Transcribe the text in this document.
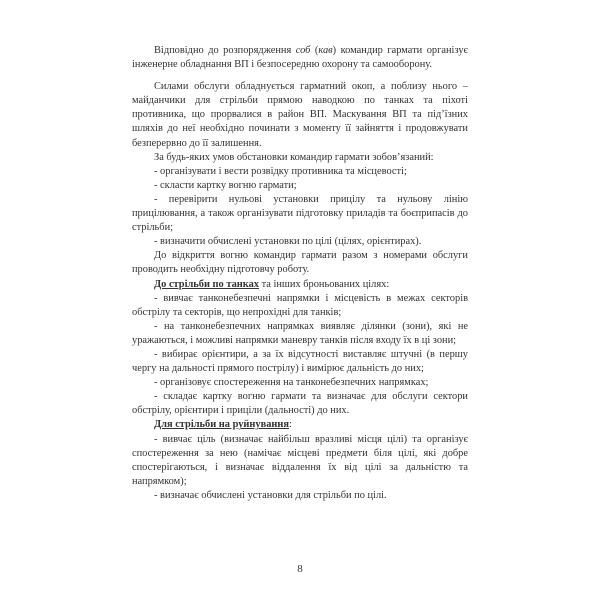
Відповідно до розпорядження соб (кав) командир гармати організує інженерне обладнання ВП і безпосередню охорону та самооборону.

Силами обслуги обладнується гарматний окоп, а поблизу нього – майданчики для стрільби прямою наводкою по танках та піхоті противника, що прорвалися в район ВП. Маскування ВП та під’їзних шляхів до неї необхідно починати з моменту її зайняття і продовжувати безперервно до її залишення.

За будь-яких умов обстановки командир гармати зобов’язаний:

- організувати і вести розвідку противника та місцевості;

- скласти картку вогню гармати;

- перевірити нульові установки прицілу та нульову лінію прицілювання, а також організувати підготовку приладів та боєприпасів до стрільби;

- визначити обчислені установки по цілі (цілях, орієнтирах).

До відкриття вогню командир гармати разом з номерами обслуги проводить необхідну підготовчу роботу.

До стрільби по танках та інших броньованих цілях:

- вивчає танконебезпечні напрямки і місцевість в межах секторів обстрілу та секторів, що непрохідні для танків;

- на танконебезпечних напрямках виявляє ділянки (зони), які не уражаються, і можливі напрямки маневру танків після входу їх в ці зони;

- вибирає орієнтири, а за їх відсутності виставляє штучні (в першу чергу на дальності прямого пострілу) і вимірює дальність до них;

- організовує спостереження на танконебезпечних напрямках;

- складає картку вогню гармати та визначає для обслуги сектори обстрілу, орієнтири і приціли (дальності) до них.

Для стрільби на руйнування:

- вивчає ціль (визначає найбільш вразливі місця цілі) та організує спостереження за нею (намічає місцеві предмети біля цілі, які добре спостерігаються, і визначає віддалення їх від цілі за дальністю та напрямком);

- визначає обчислені установки для стрільби по цілі.

8
